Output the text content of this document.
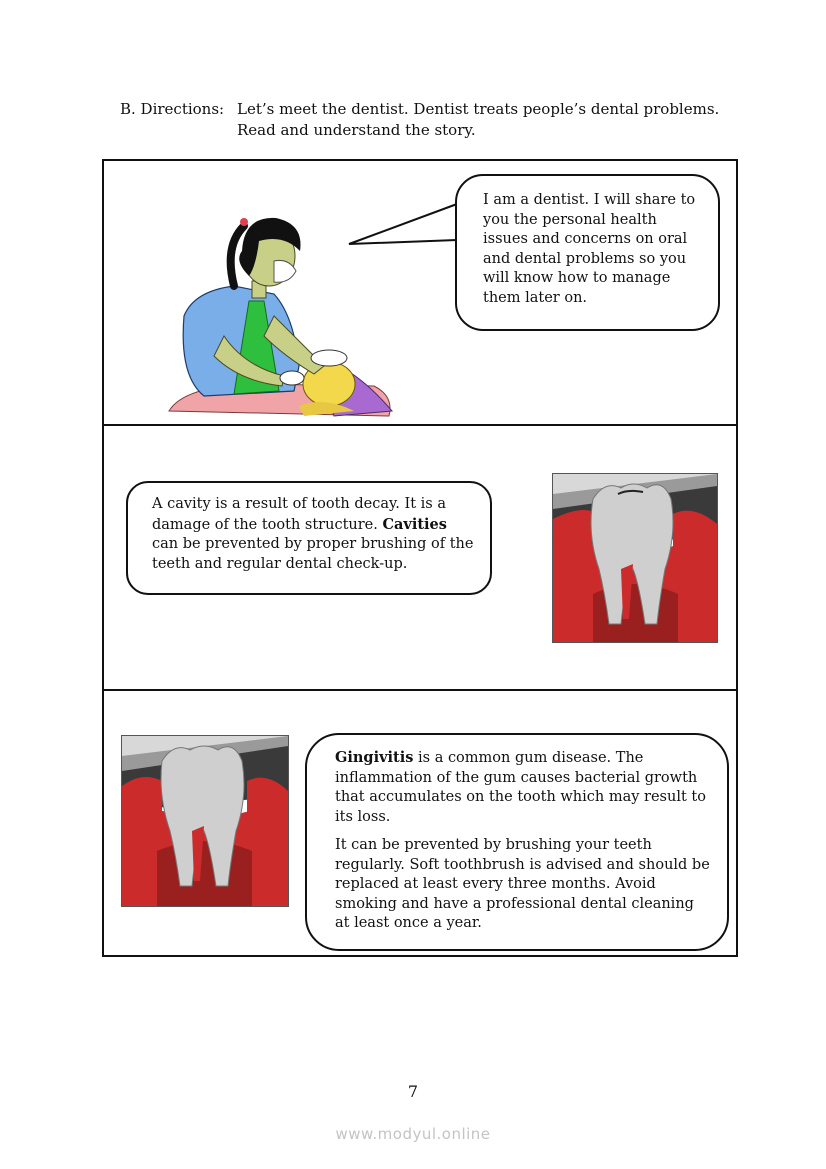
B. Directions: Let’s meet the dentist. Dentist treats people’s dental problems.
Read and understand the story.
I am a dentist. I will share to you the personal health issues and concerns on oral and dental problems so you will know how to manage them later on.
A cavity is a result of tooth decay. It is a damage of the tooth structure. Cavities can be prevented by proper brushing of the teeth and regular dental check-up.

Gingivitis is a common gum disease. The inflammation of the gum causes bacterial growth that accumulates on the tooth which may result to its loss.

It can be prevented by brushing your teeth regularly. Soft toothbrush is advised and should be replaced at least every three months. Avoid smoking and have a professional dental cleaning at least once a year.

7
www.modyul.online
